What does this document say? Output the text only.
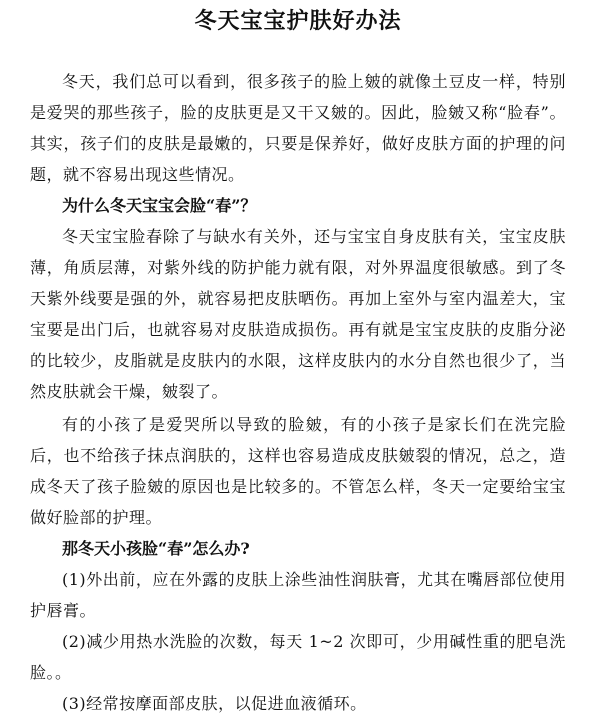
冬天宝宝护肤好办法

冬天，我们总可以看到，很多孩子的脸上皴的就像土豆皮一样，特别是爱哭的那些孩子，脸的皮肤更是又干又皴的。因此，脸皴又称“脸春”。其实，孩子们的皮肤是最嫩的，只要是保养好，做好皮肤方面的护理的问题，就不容易出现这些情况。

为什么冬天宝宝会脸“春”？

冬天宝宝脸春除了与缺水有关外，还与宝宝自身皮肤有关，宝宝皮肤薄，角质层薄，对紫外线的防护能力就有限，对外界温度很敏感。到了冬天紫外线要是强的外，就容易把皮肤晒伤。再加上室外与室内温差大，宝宝要是出门后，也就容易对皮肤造成损伤。再有就是宝宝皮肤的皮脂分泌的比较少，皮脂就是皮肤内的水限，这样皮肤内的水分自然也很少了，当然皮肤就会干燥，皴裂了。

有的小孩了是爱哭所以导致的脸皴，有的小孩子是家长们在洗完脸后，也不给孩子抹点润肤的，这样也容易造成皮肤皴裂的情况，总之，造成冬天了孩子脸皴的原因也是比较多的。不管怎么样，冬天一定要给宝宝做好脸部的护理。

那冬天小孩脸“春”怎么办?

(1)外出前，应在外露的皮肤上涂些油性润肤膏，尤其在嘴唇部位使用护唇膏。

(2)减少用热水洗脸的次数，每天 1~2 次即可，少用碱性重的肥皂洗脸。。

(3)经常按摩面部皮肤，以促进血液循环。
